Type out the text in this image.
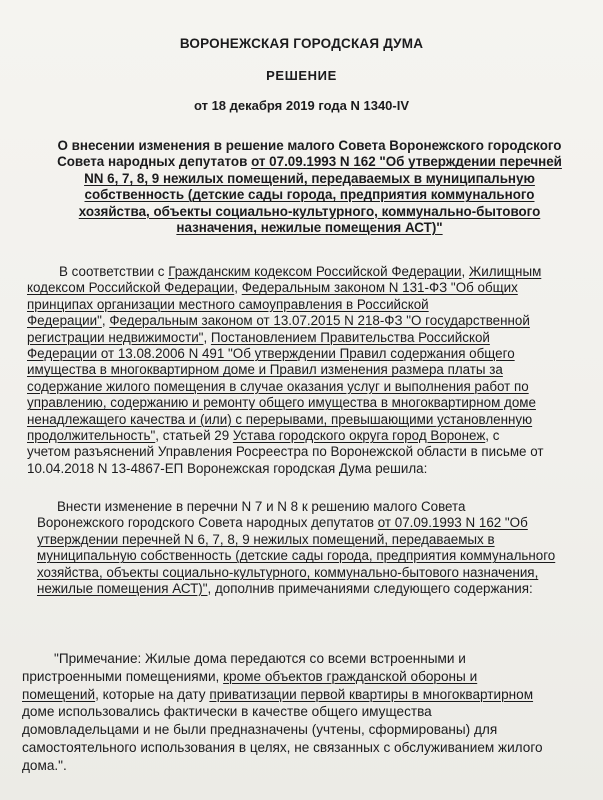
ВОРОНЕЖСКАЯ ГОРОДСКАЯ ДУМА
РЕШЕНИЕ
от 18 декабря 2019 года N 1340-IV
О внесении изменения в решение малого Совета Воронежского городского
Совета народных депутатов от 07.09.1993 N 162 "Об утверждении перечней
NN 6, 7, 8, 9 нежилых помещений, передаваемых в муниципальную
собственность (детские сады города, предприятия коммунального
хозяйства, объекты социально-культурного, коммунально-бытового
назначения, нежилые помещения АСТ)"
В соответствии с Гражданским кодексом Российской Федерации, Жилищным
кодексом Российской Федерации, Федеральным законом N 131-ФЗ "Об общих
принципах организации местного самоуправления в Российской
Федерации", Федеральным законом от 13.07.2015 N 218-ФЗ "О государственной
регистрации недвижимости", Постановлением Правительства Российской
Федерации от 13.08.2006 N 491 "Об утверждении Правил содержания общего
имущества в многоквартирном доме и Правил изменения размера платы за
содержание жилого помещения в случае оказания услуг и выполнения работ по
управлению, содержанию и ремонту общего имущества в многоквартирном доме
ненадлежащего качества и (или) с перерывами, превышающими установленную
продолжительность", статьей 29 Устава городского округа город Воронеж, с
учетом разъяснений Управления Росреестра по Воронежской области в письме от
10.04.2018 N 13-4867-ЕП Воронежская городская Дума решила:
Внести изменение в перечни N 7 и N 8 к решению малого Совета
Воронежского городского Совета народных депутатов от 07.09.1993 N 162 "Об
утверждении перечней N 6, 7, 8, 9 нежилых помещений, передаваемых в
муниципальную собственность (детские сады города, предприятия коммунального
хозяйства, объекты социально-культурного, коммунально-бытового назначения,
нежилые помещения АСТ)", дополнив примечаниями следующего содержания:
"Примечание: Жилые дома передаются со всеми встроенными и
пристроенными помещениями, кроме объектов гражданской обороны и
помещений, которые на дату приватизации первой квартиры в многоквартирном
доме использовались фактически в качестве общего имущества
домовладельцами и не были предназначены (учтены, сформированы) для
самостоятельного использования в целях, не связанных с обслуживанием жилого
дома.".
